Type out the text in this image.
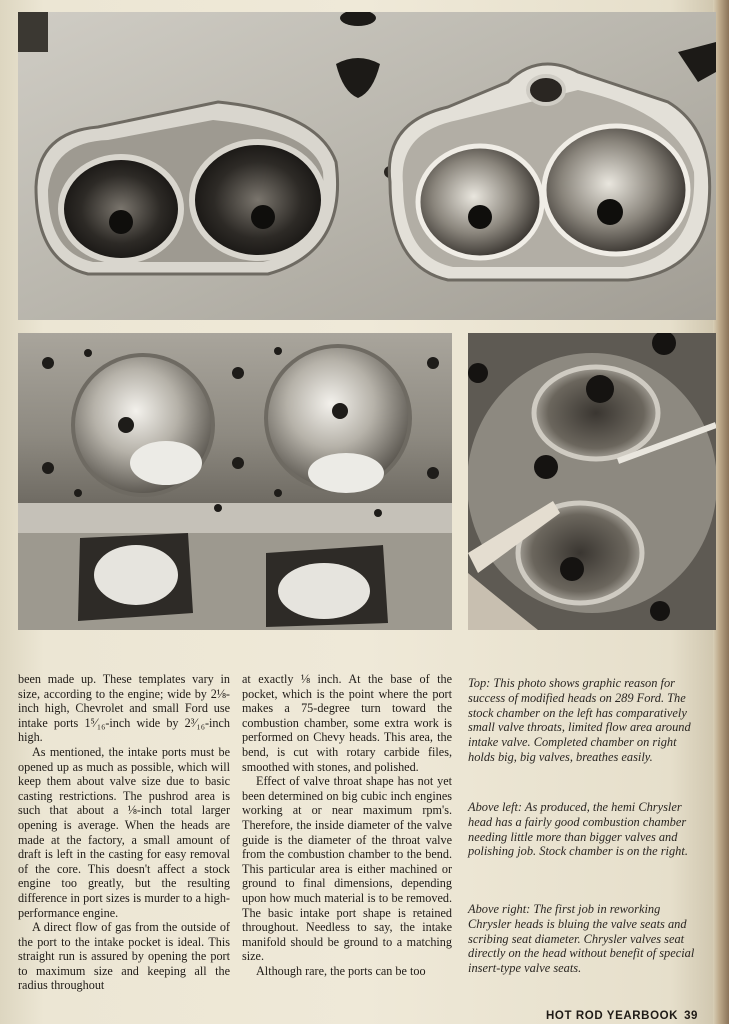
been made up. These templates vary in size, according to the engine; wide by 2⅛-inch high, Chevrolet and small Ford use intake ports 1⁵⁄₁₆-inch wide by 2³⁄₁₆-inch high.

As mentioned, the intake ports must be opened up as much as possible, which will keep them about valve size due to basic casting restrictions. The pushrod area is such that about a ⅛-inch total larger opening is average. When the heads are made at the factory, a small amount of draft is left in the casting for easy removal of the core. This doesn't affect a stock engine too greatly, but the resulting difference in port sizes is murder to a high-performance engine.

A direct flow of gas from the outside of the port to the intake pocket is ideal. This straight run is assured by opening the port to maximum size and keeping all the radius throughout

at exactly ⅛ inch. At the base of the pocket, which is the point where the port makes a 75-degree turn toward the combustion chamber, some extra work is performed on Chevy heads. This area, the bend, is cut with rotary carbide files, smoothed with stones, and polished.

Effect of valve throat shape has not yet been determined on big cubic inch engines working at or near maximum rpm's. Therefore, the inside diameter of the valve guide is the diameter of the throat valve from the combustion chamber to the bend. This particular area is either machined or ground to final dimensions, depending upon how much material is to be removed. The basic intake port shape is retained throughout. Needless to say, the intake manifold should be ground to a matching size.

Although rare, the ports can be too

Top: This photo shows graphic reason for success of modified heads on 289 Ford. The stock chamber on the left has comparatively small valve throats, limited flow area around intake valve. Completed chamber on right holds big, big valves, breathes easily.

Above left: As produced, the hemi Chrysler head has a fairly good combustion chamber needing little more than bigger valves and polishing job. Stock chamber is on the right.

Above right: The first job in reworking Chrysler heads is bluing the valve seats and scribing seat diameter. Chrysler valves seat directly on the head without benefit of special insert-type valve seats.

HOT ROD YEARBOOK 39
